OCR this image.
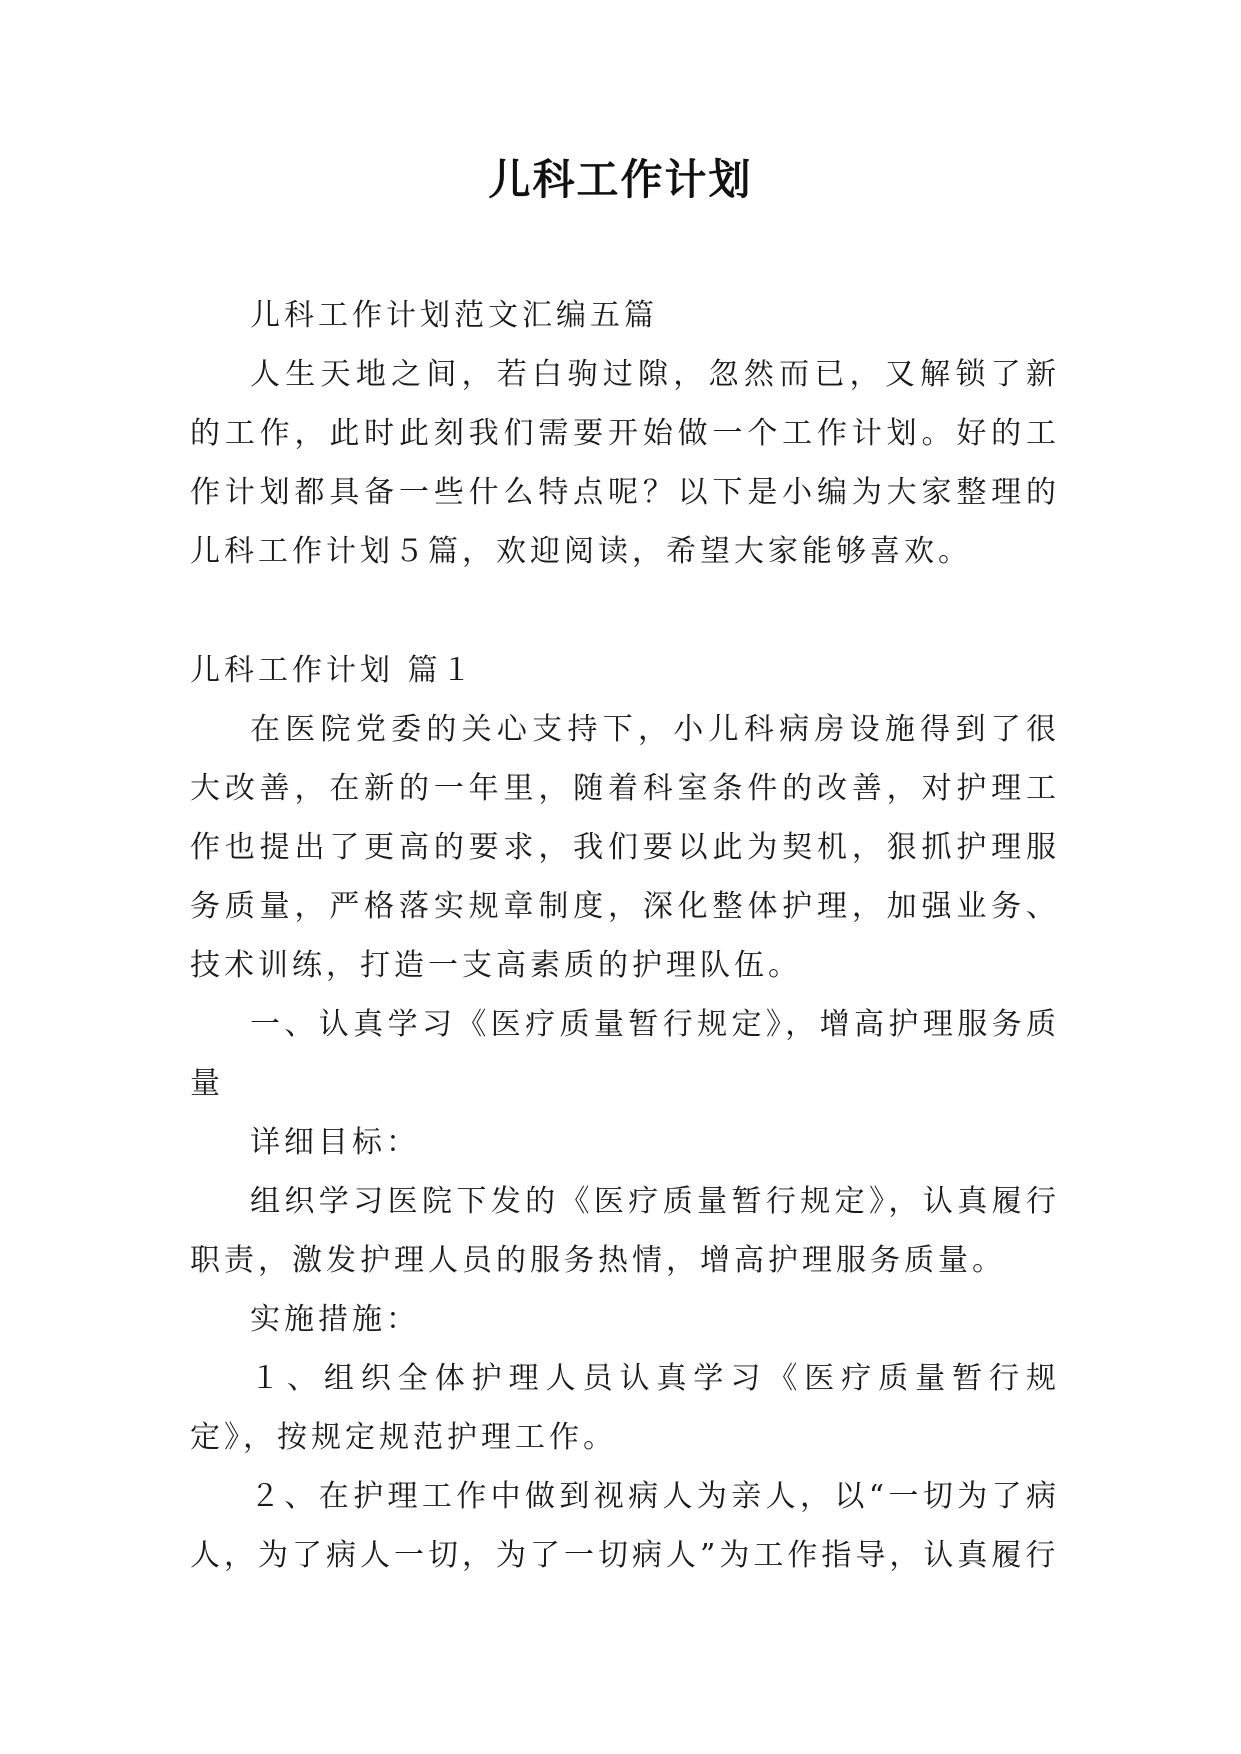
儿科工作计划

儿科工作计划范文汇编五篇

人生天地之间，若白驹过隙，忽然而已，又解锁了新的工作，此时此刻我们需要开始做一个工作计划。好的工作计划都具备一些什么特点呢？以下是小编为大家整理的儿科工作计划５篇，欢迎阅读，希望大家能够喜欢。

儿科工作计划 篇１

在医院党委的关心支持下，小儿科病房设施得到了很大改善，在新的一年里，随着科室条件的改善，对护理工作也提出了更高的要求，我们要以此为契机，狠抓护理服务质量，严格落实规章制度，深化整体护理，加强业务、技术训练，打造一支高素质的护理队伍。

一、认真学习《医疗质量暂行规定》，增高护理服务质量

详细目标：

组织学习医院下发的《医疗质量暂行规定》，认真履行职责，激发护理人员的服务热情，增高护理服务质量。

实施措施：

１、组织全体护理人员认真学习《医疗质量暂行规定》，按规定规范护理工作。

２、在护理工作中做到视病人为亲人，以“一切为了病人，为了病人一切，为了一切病人”为工作指导，认真履行
